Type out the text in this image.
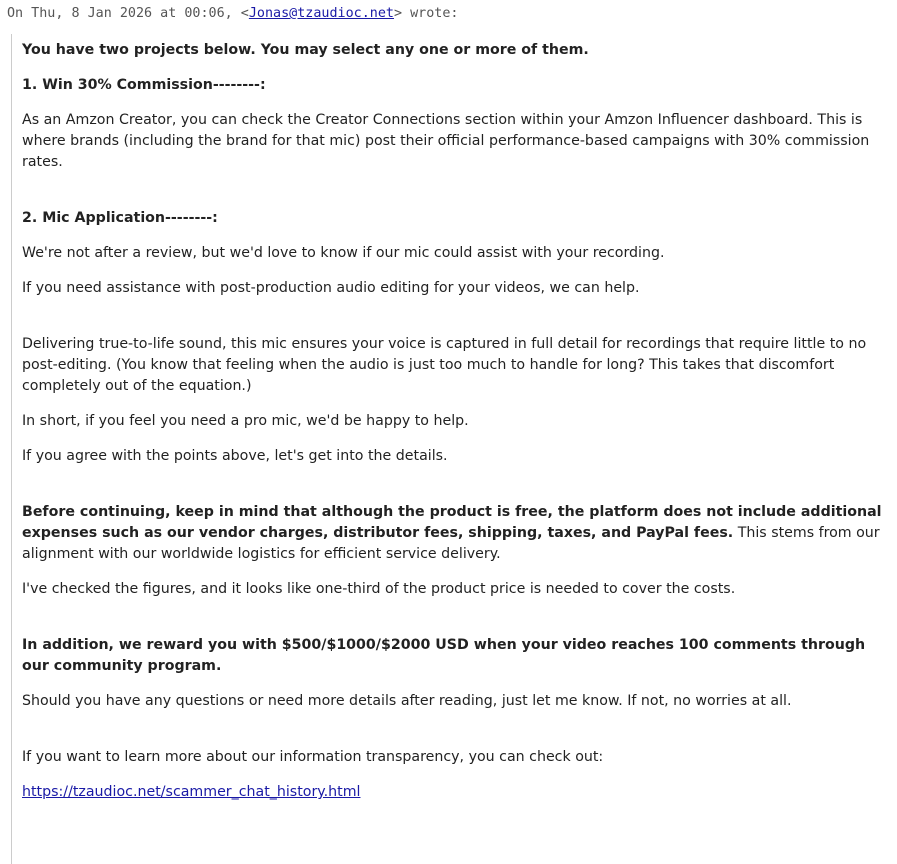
On Thu, 8 Jan 2026 at 00:06, <Jonas@tzaudioc.net> wrote:

You have two projects below. You may select any one or more of them.

1. Win 30% Commission--------:

As an Amzon Creator, you can check the Creator Connections section within your Amzon Influencer dashboard. This is where brands (including the brand for that mic) post their official performance-based campaigns with 30% commission rates.

2. Mic Application--------:

We're not after a review, but we'd love to know if our mic could assist with your recording.

If you need assistance with post-production audio editing for your videos, we can help.

Delivering true-to-life sound, this mic ensures your voice is captured in full detail for recordings that require little to no post-editing. (You know that feeling when the audio is just too much to handle for long? This takes that discomfort completely out of the equation.)

In short, if you feel you need a pro mic, we'd be happy to help.

If you agree with the points above, let's get into the details.

Before continuing, keep in mind that although the product is free, the platform does not include additional expenses such as our vendor charges, distributor fees, shipping, taxes, and PayPal fees. This stems from our alignment with our worldwide logistics for efficient service delivery.

I've checked the figures, and it looks like one-third of the product price is needed to cover the costs.

In addition, we reward you with $500/$1000/$2000 USD when your video reaches 100 comments through our community program.

Should you have any questions or need more details after reading, just let me know. If not, no worries at all.

If you want to learn more about our information transparency, you can check out:

https://tzaudioc.net/scammer_chat_history.html
